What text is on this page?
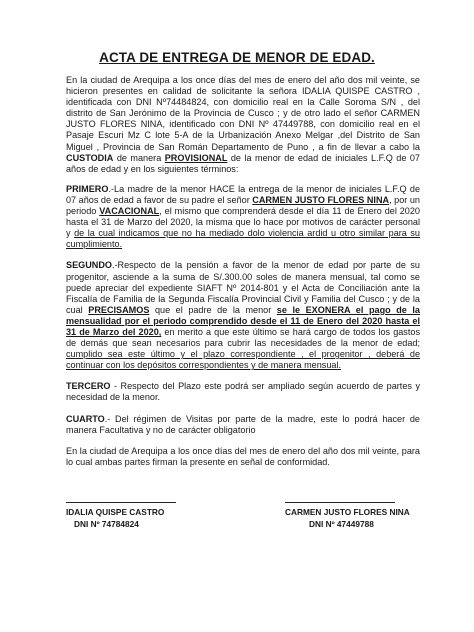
ACTA DE ENTREGA DE MENOR DE EDAD.

En la ciudad de Arequipa a los once días del mes de enero del año dos mil veinte, se hicieron presentes en calidad de solicitante la señora IDALIA QUISPE CASTRO , identificada con DNI Nº74484824, con domicilio real en la Calle Soroma S/N , del distrito de San Jerónimo de la Provincia de Cusco ; y de otro lado el señor CARMEN JUSTO FLORES NINA, identificado con DNI Nº 47449788, con domicilio real en el Pasaje Escuri Mz C lote 5-A de la Urbanización Anexo Melgar ,del Distrito de San Miguel , Provincia de San Román Departamento de Puno , a fin de llevar a cabo la CUSTODIA de manera PROVISIONAL de la menor de edad de iniciales L.F.Q de 07 años de edad y en los siguientes términos:

PRIMERO.-La madre de la menor HACE la entrega de la menor de iniciales L.F.Q de 07 años de edad a favor de su padre el señor CARMEN JUSTO FLORES NINA, por un periodo VACACIONAL, el mismo que comprenderá desde el día 11 de Enero del 2020 hasta el 31 de Marzo del 2020, la misma que lo hace por motivos de carácter personal y de la cual indicamos que no ha mediado dolo violencia ardid u otro similar para su cumplimiento.

SEGUNDO.-Respecto de la pensión a favor de la menor de edad por parte de su progenitor, asciende a la suma de S/.300.00 soles de manera mensual, tal como se puede apreciar del expediente SIAFT Nº 2014-801 y el Acta de Conciliación ante la Fiscalía de Familia de la Segunda Fiscalía Provincial Civil y Familia del Cusco ; y de la cual PRECISAMOS que el padre de la menor se le EXONERA el pago de la mensualidad por el periodo comprendido desde el 11 de Enero del 2020 hasta el 31 de Marzo del 2020, en merito a que este último se hará cargo de todos los gastos de demás que sean necesarios para cubrir las necesidades de la menor de edad; cumplido sea este último y el plazo correspondiente , el progenitor , deberá de continuar con los depósitos correspondientes y de manera mensual.

TERCERO - Respecto del Plazo este podrá ser ampliado según acuerdo de partes y necesidad de la menor.

CUARTO.- Del régimen de Visitas por parte de la madre, este lo podrá hacer de manera Facultativa y no de carácter obligatorio

En la ciudad de Arequipa a los once días del mes de enero del año dos mil veinte, para lo cual ambas partes firman la presente en señal de conformidad.

IDALIA QUISPE CASTRO
DNI Nº 74784824
CARMEN JUSTO FLORES NINA
DNI Nº 47449788
